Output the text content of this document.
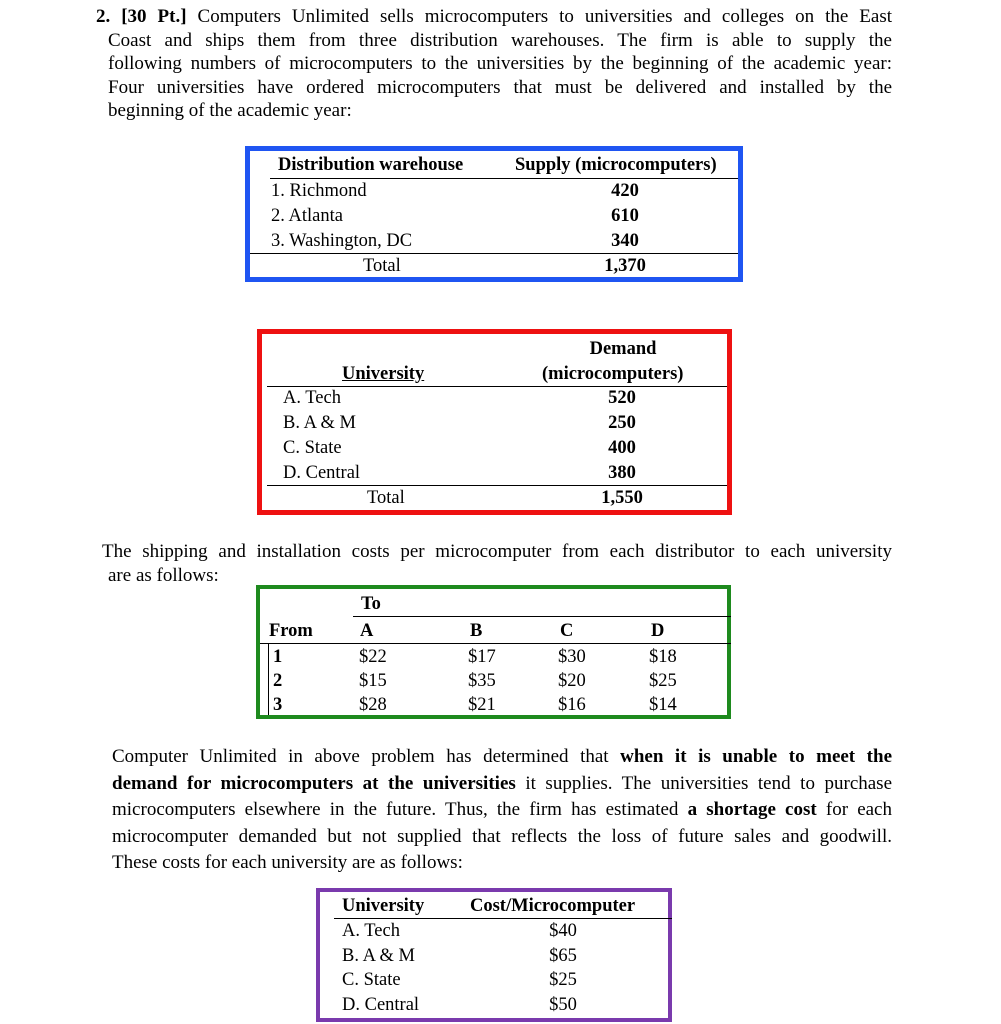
2. [30 Pt.] Computers Unlimited sells microcomputers to universities and colleges on the East
Coast and ships them from three distribution warehouses. The firm is able to supply the
following numbers of microcomputers to the universities by the beginning of the academic year:
Four universities have ordered microcomputers that must be delivered and installed by the
beginning of the academic year:
Distribution warehouse	Supply (microcomputers)
1. Richmond	420
2. Atlanta	610
3. Washington, DC	340
Total	1,370
Demand
University	(microcomputers)
A. Tech	520
B. A & M	250
C. State	400
D. Central	380
Total	1,550
The shipping and installation costs per microcomputer from each distributor to each university
are as follows:
To
From	A	B	C	D
1	$22	$17	$30	$18
2	$15	$35	$20	$25
3	$28	$21	$16	$14
Computer Unlimited in above problem has determined that when it is unable to meet the
demand for microcomputers at the universities it supplies. The universities tend to purchase
microcomputers elsewhere in the future. Thus, the firm has estimated a shortage cost for each
microcomputer demanded but not supplied that reflects the loss of future sales and goodwill.
These costs for each university are as follows:
University Cost/Microcomputer
A. Tech	$40
B. A & M	$65
C. State	$25
D. Central	$50
